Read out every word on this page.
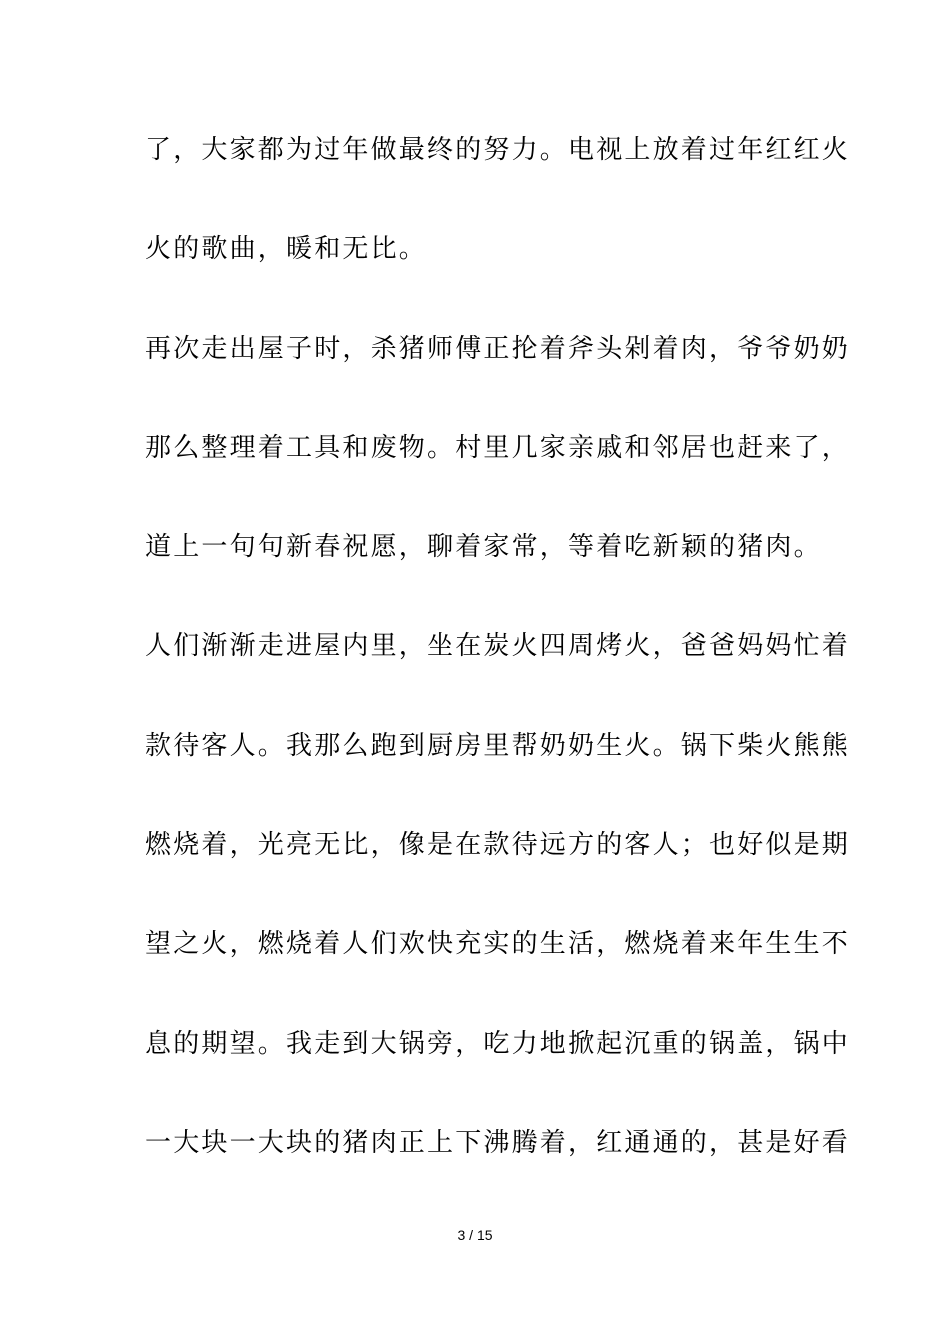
了，大家都为过年做最终的努力。电视上放着过年红红火
火的歌曲，暖和无比。
再次走出屋子时，杀猪师傅正抡着斧头剁着肉，爷爷奶奶
那么整理着工具和废物。村里几家亲戚和邻居也赶来了，
道上一句句新春祝愿，聊着家常，等着吃新颖的猪肉。
人们渐渐走进屋内里，坐在炭火四周烤火，爸爸妈妈忙着
款待客人。我那么跑到厨房里帮奶奶生火。锅下柴火熊熊
燃烧着，光亮无比，像是在款待远方的客人；也好似是期
望之火，燃烧着人们欢快充实的生活，燃烧着来年生生不
息的期望。我走到大锅旁，吃力地掀起沉重的锅盖，锅中
一大块一大块的猪肉正上下沸腾着，红通通的，甚是好看
3 / 15
